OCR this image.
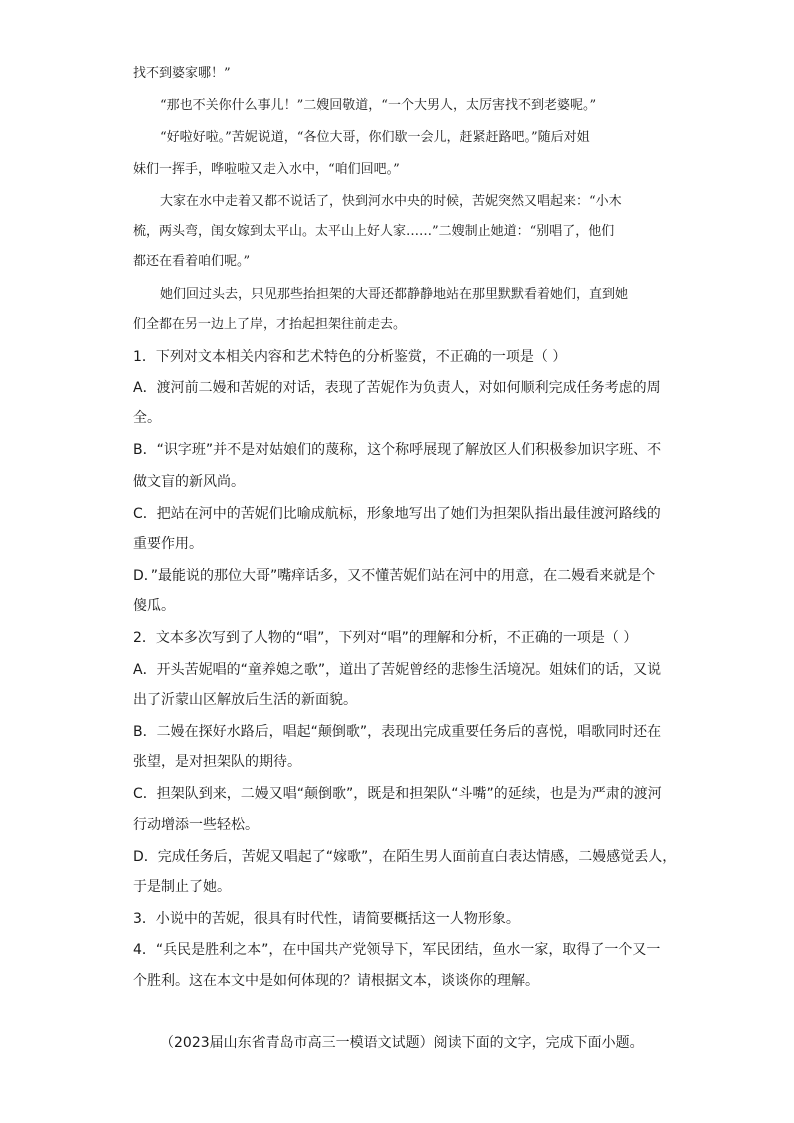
找不到婆家哪！”
“那也不关你什么事儿！”二嫂回敬道，“一个大男人，太厉害找不到老婆呢。”
“好啦好啦。”苦妮说道，“各位大哥，你们歇一会儿，赶紧赶路吧。”随后对姐
妹们一挥手，哗啦啦又走入水中，“咱们回吧。”
大家在水中走着又都不说话了，快到河水中央的时候，苦妮突然又唱起来：“小木
梳，两头弯，闺女嫁到太平山。太平山上好人家……”二嫂制止她道：“别唱了，他们
都还在看着咱们呢。”
她们回过头去，只见那些抬担架的大哥还都静静地站在那里默默看着她们，直到她
们全都在另一边上了岸，才抬起担架往前走去。
1．下列对文本相关内容和艺术特色的分析鉴赏，不正确的一项是（ ）
A．渡河前二嫚和苦妮的对话，表现了苦妮作为负责人，对如何顺利完成任务考虑的周
全。
B．“识字班”并不是对姑娘们的蔑称，这个称呼展现了解放区人们积极参加识字班、不
做文盲的新风尚。
C．把站在河中的苦妮们比喻成航标，形象地写出了她们为担架队指出最佳渡河路线的
重要作用。
D．”最能说的那位大哥”嘴痒话多，又不懂苦妮们站在河中的用意，在二嫚看来就是个
傻瓜。
2．文本多次写到了人物的“唱”，下列对“唱”的理解和分析，不正确的一项是（ ）
A．开头苦妮唱的“童养媳之歌”，道出了苦妮曾经的悲惨生活境况。姐妹们的话，又说
出了沂蒙山区解放后生活的新面貌。
B．二嫚在探好水路后，唱起“颠倒歌”，表现出完成重要任务后的喜悦，唱歌同时还在
张望，是对担架队的期待。
C．担架队到来，二嫚又唱“颠倒歌”，既是和担架队“斗嘴”的延续，也是为严肃的渡河
行动增添一些轻松。
D．完成任务后，苦妮又唱起了“嫁歌”，在陌生男人面前直白表达情感，二嫚感觉丢人，
于是制止了她。
3．小说中的苦妮，很具有时代性，请简要概括这一人物形象。
4．“兵民是胜利之本”，在中国共产党领导下，军民团结，鱼水一家，取得了一个又一
个胜利。这在本文中是如何体现的？请根据文本，谈谈你的理解。
（2023届山东省青岛市高三一模语文试题）阅读下面的文字，完成下面小题。
